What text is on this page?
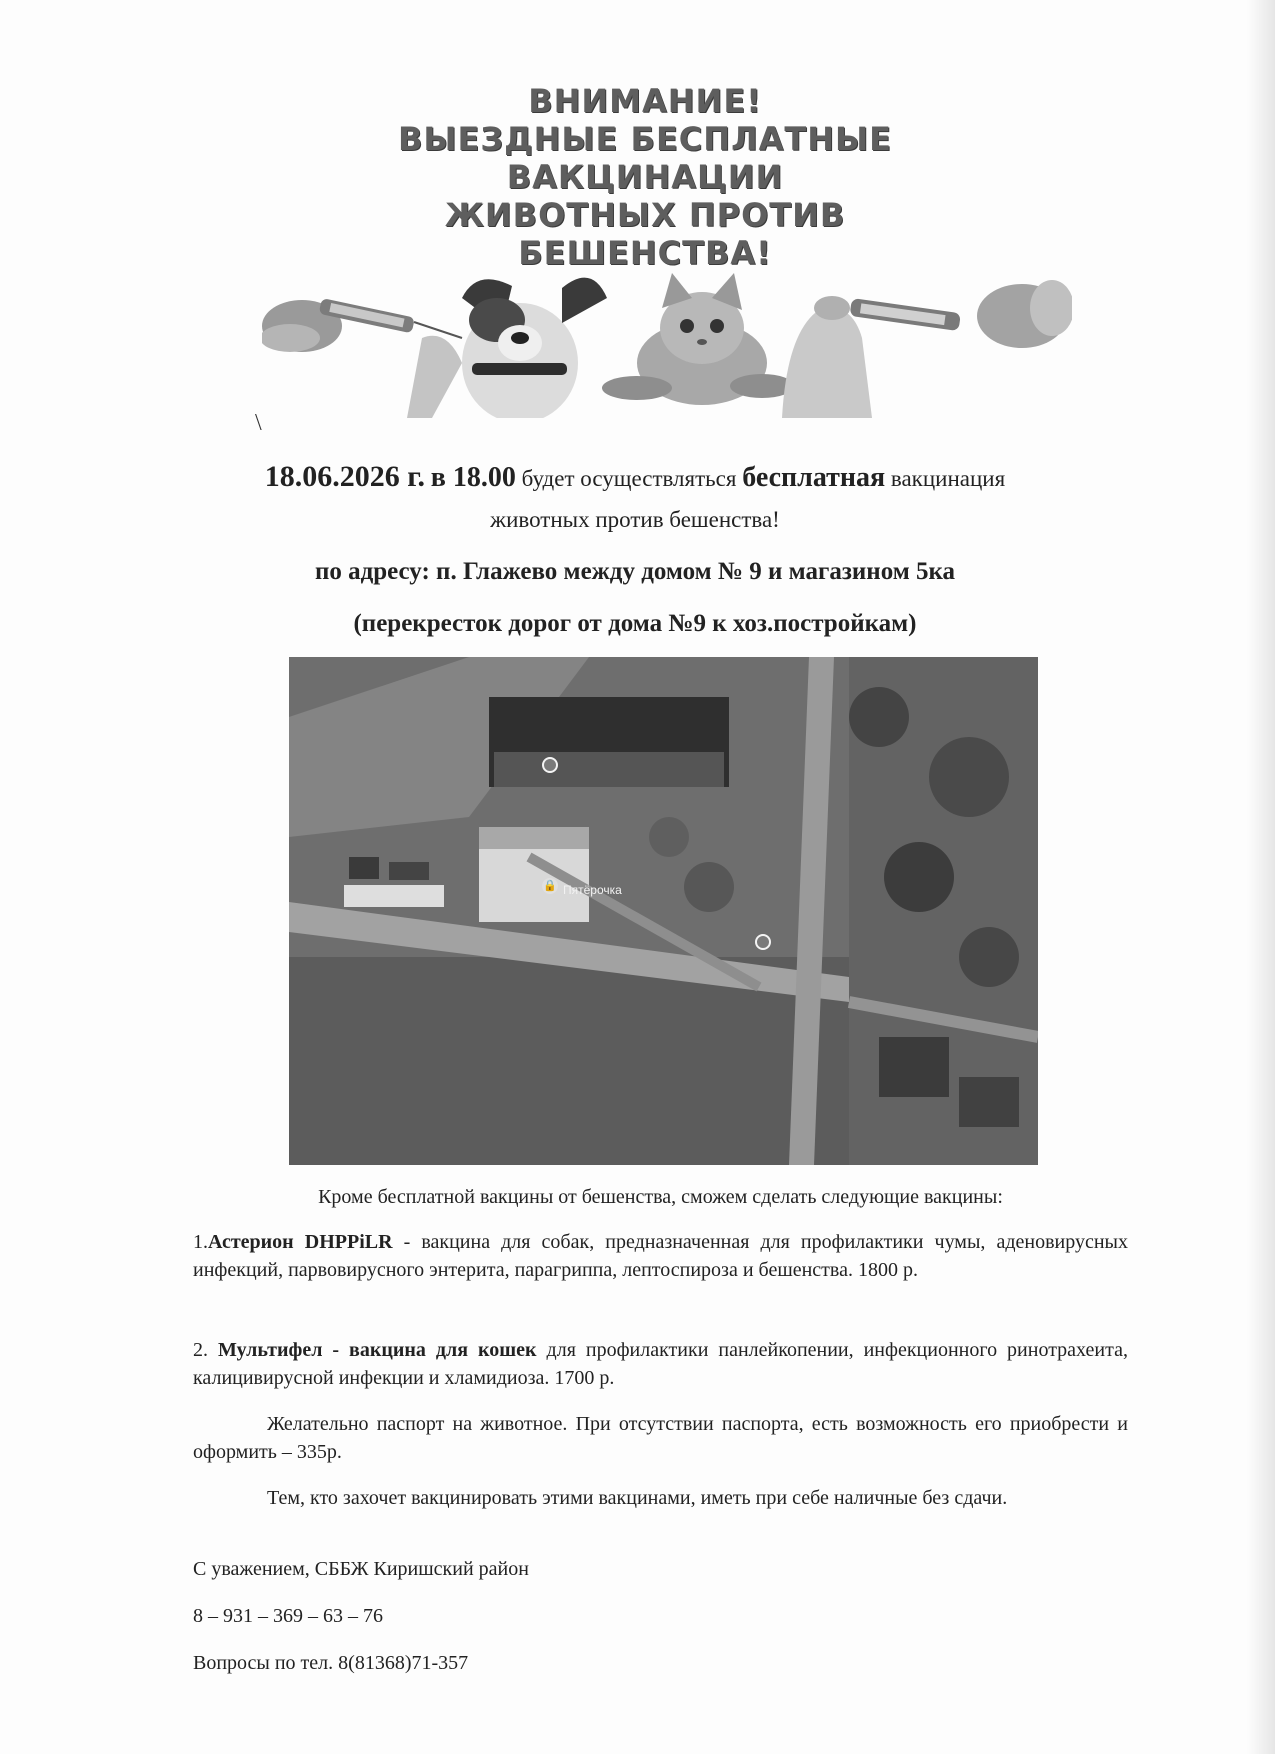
ВНИМАНИЕ!
ВЫЕЗДНЫЕ БЕСПЛАТНЫЕ
ВАКЦИНАЦИИ
ЖИВОТНЫХ ПРОТИВ
БЕШЕНСТВА!
\
18.06.2026 г. в 18.00 будет осуществляться бесплатная вакцинация
животных против бешенства!
по адресу: п. Глажево между домом № 9 и магазином 5ка
(перекресток дорог от дома №9 к хоз.постройкам)
🔒 Пятёрочка
Кроме бесплатной вакцины от бешенства, сможем сделать следующие вакцины:
1.Астерион DHPPiLR - вакцина для собак, предназначенная для профилактики чумы, аденовирусных инфекций, парвовирусного энтерита, парагриппа, лептоспироза и бешенства. 1800 р.
2. Мультифел - вакцина для кошек для профилактики панлейкопении, инфекционного ринотрахеита, калицивирусной инфекции и хламидиоза. 1700 р.
Желательно паспорт на животное. При отсутствии паспорта, есть возможность его приобрести и оформить – 335р.
Тем, кто захочет вакцинировать этими вакцинами, иметь при себе наличные без сдачи.
С уважением, СББЖ Киришский район
8 – 931 – 369 – 63 – 76
Вопросы по тел. 8(81368)71-357
